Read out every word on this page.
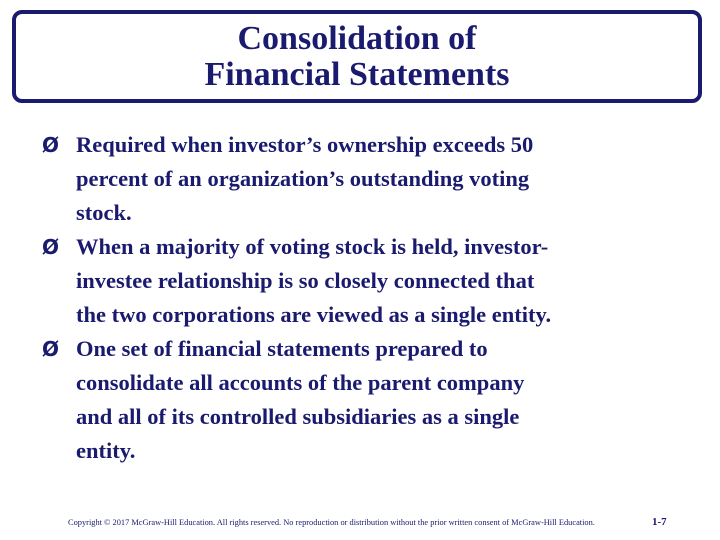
Consolidation of
Financial Statements
Ø Required when investor’s ownership exceeds 50
percent of an organization’s outstanding voting
stock.
Ø When a majority of voting stock is held, investor-
investee relationship is so closely connected that
the two corporations are viewed as a single entity.
Ø One set of financial statements prepared to
consolidate all accounts of the parent company
and all of its controlled subsidiaries as a single
entity.
Copyright © 2017 McGraw-Hill Education. All rights reserved. No reproduction or distribution without the prior written consent of McGraw-Hill Education.	1-7
